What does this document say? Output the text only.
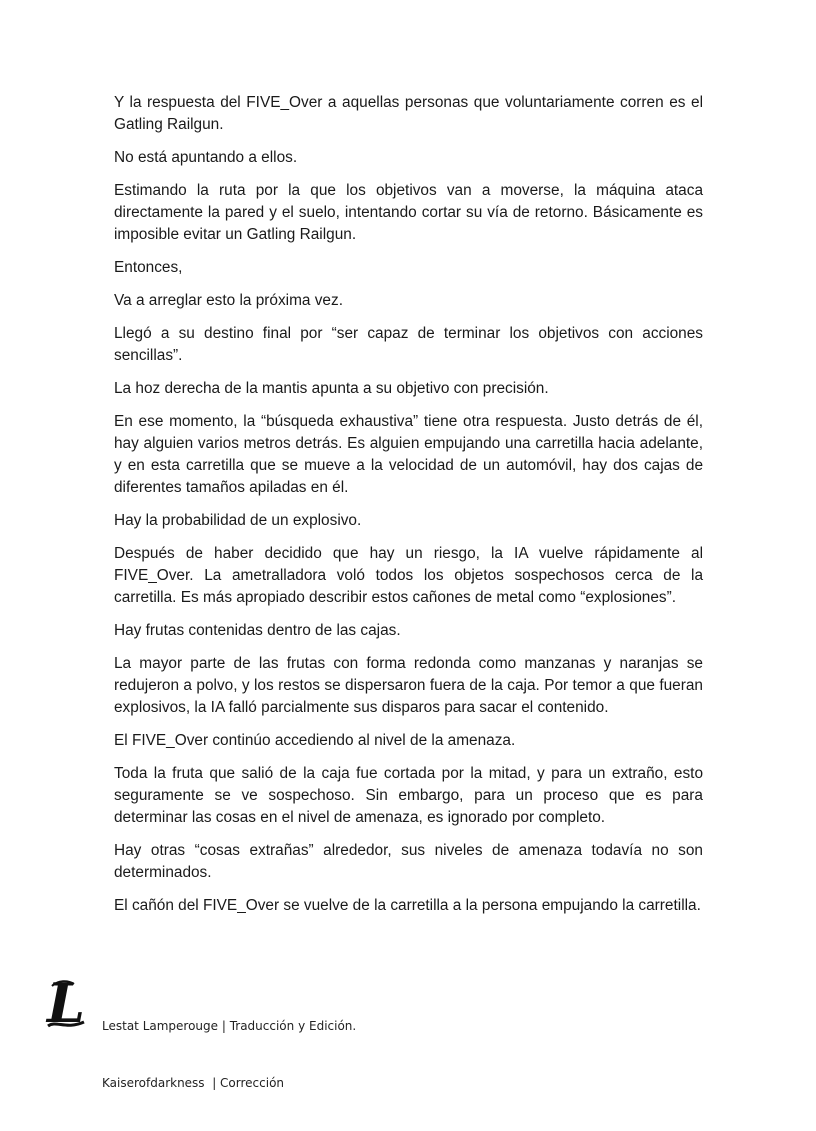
Y la respuesta del FIVE_Over a aquellas personas que voluntariamente corren es el Gatling Railgun.

No está apuntando a ellos.

Estimando la ruta por la que los objetivos van a moverse, la máquina ataca directamente la pared y el suelo, intentando cortar su vía de retorno. Básicamente es imposible evitar un Gatling Railgun.

Entonces,

Va a arreglar esto la próxima vez.

Llegó a su destino final por “ser capaz de terminar los objetivos con acciones sencillas”.

La hoz derecha de la mantis apunta a su objetivo con precisión.

En ese momento, la “búsqueda exhaustiva” tiene otra respuesta. Justo detrás de él, hay alguien varios metros detrás. Es alguien empujando una carretilla hacia adelante, y en esta carretilla que se mueve a la velocidad de un automóvil, hay dos cajas de diferentes tamaños apiladas en él.

Hay la probabilidad de un explosivo.

Después de haber decidido que hay un riesgo, la IA vuelve rápidamente al FIVE_Over. La ametralladora voló todos los objetos sospechosos cerca de la carretilla. Es más apropiado describir estos cañones de metal como “explosiones”.

Hay frutas contenidas dentro de las cajas.

La mayor parte de las frutas con forma redonda como manzanas y naranjas se redujeron a polvo, y los restos se dispersaron fuera de la caja. Por temor a que fueran explosivos, la IA falló parcialmente sus disparos para sacar el contenido.

El FIVE_Over continúo accediendo al nivel de la amenaza.

Toda la fruta que salió de la caja fue cortada por la mitad, y para un extraño, esto seguramente se ve sospechoso. Sin embargo, para un proceso que es para determinar las cosas en el nivel de amenaza, es ignorado por completo.

Hay otras “cosas extrañas” alrededor, sus niveles de amenaza todavía no son determinados.

El cañón del FIVE_Over se vuelve de la carretilla a la persona empujando la carretilla.

L

Lestat Lamperouge | Traducción y Edición.

Kaiserofdarkness  | Corrección
